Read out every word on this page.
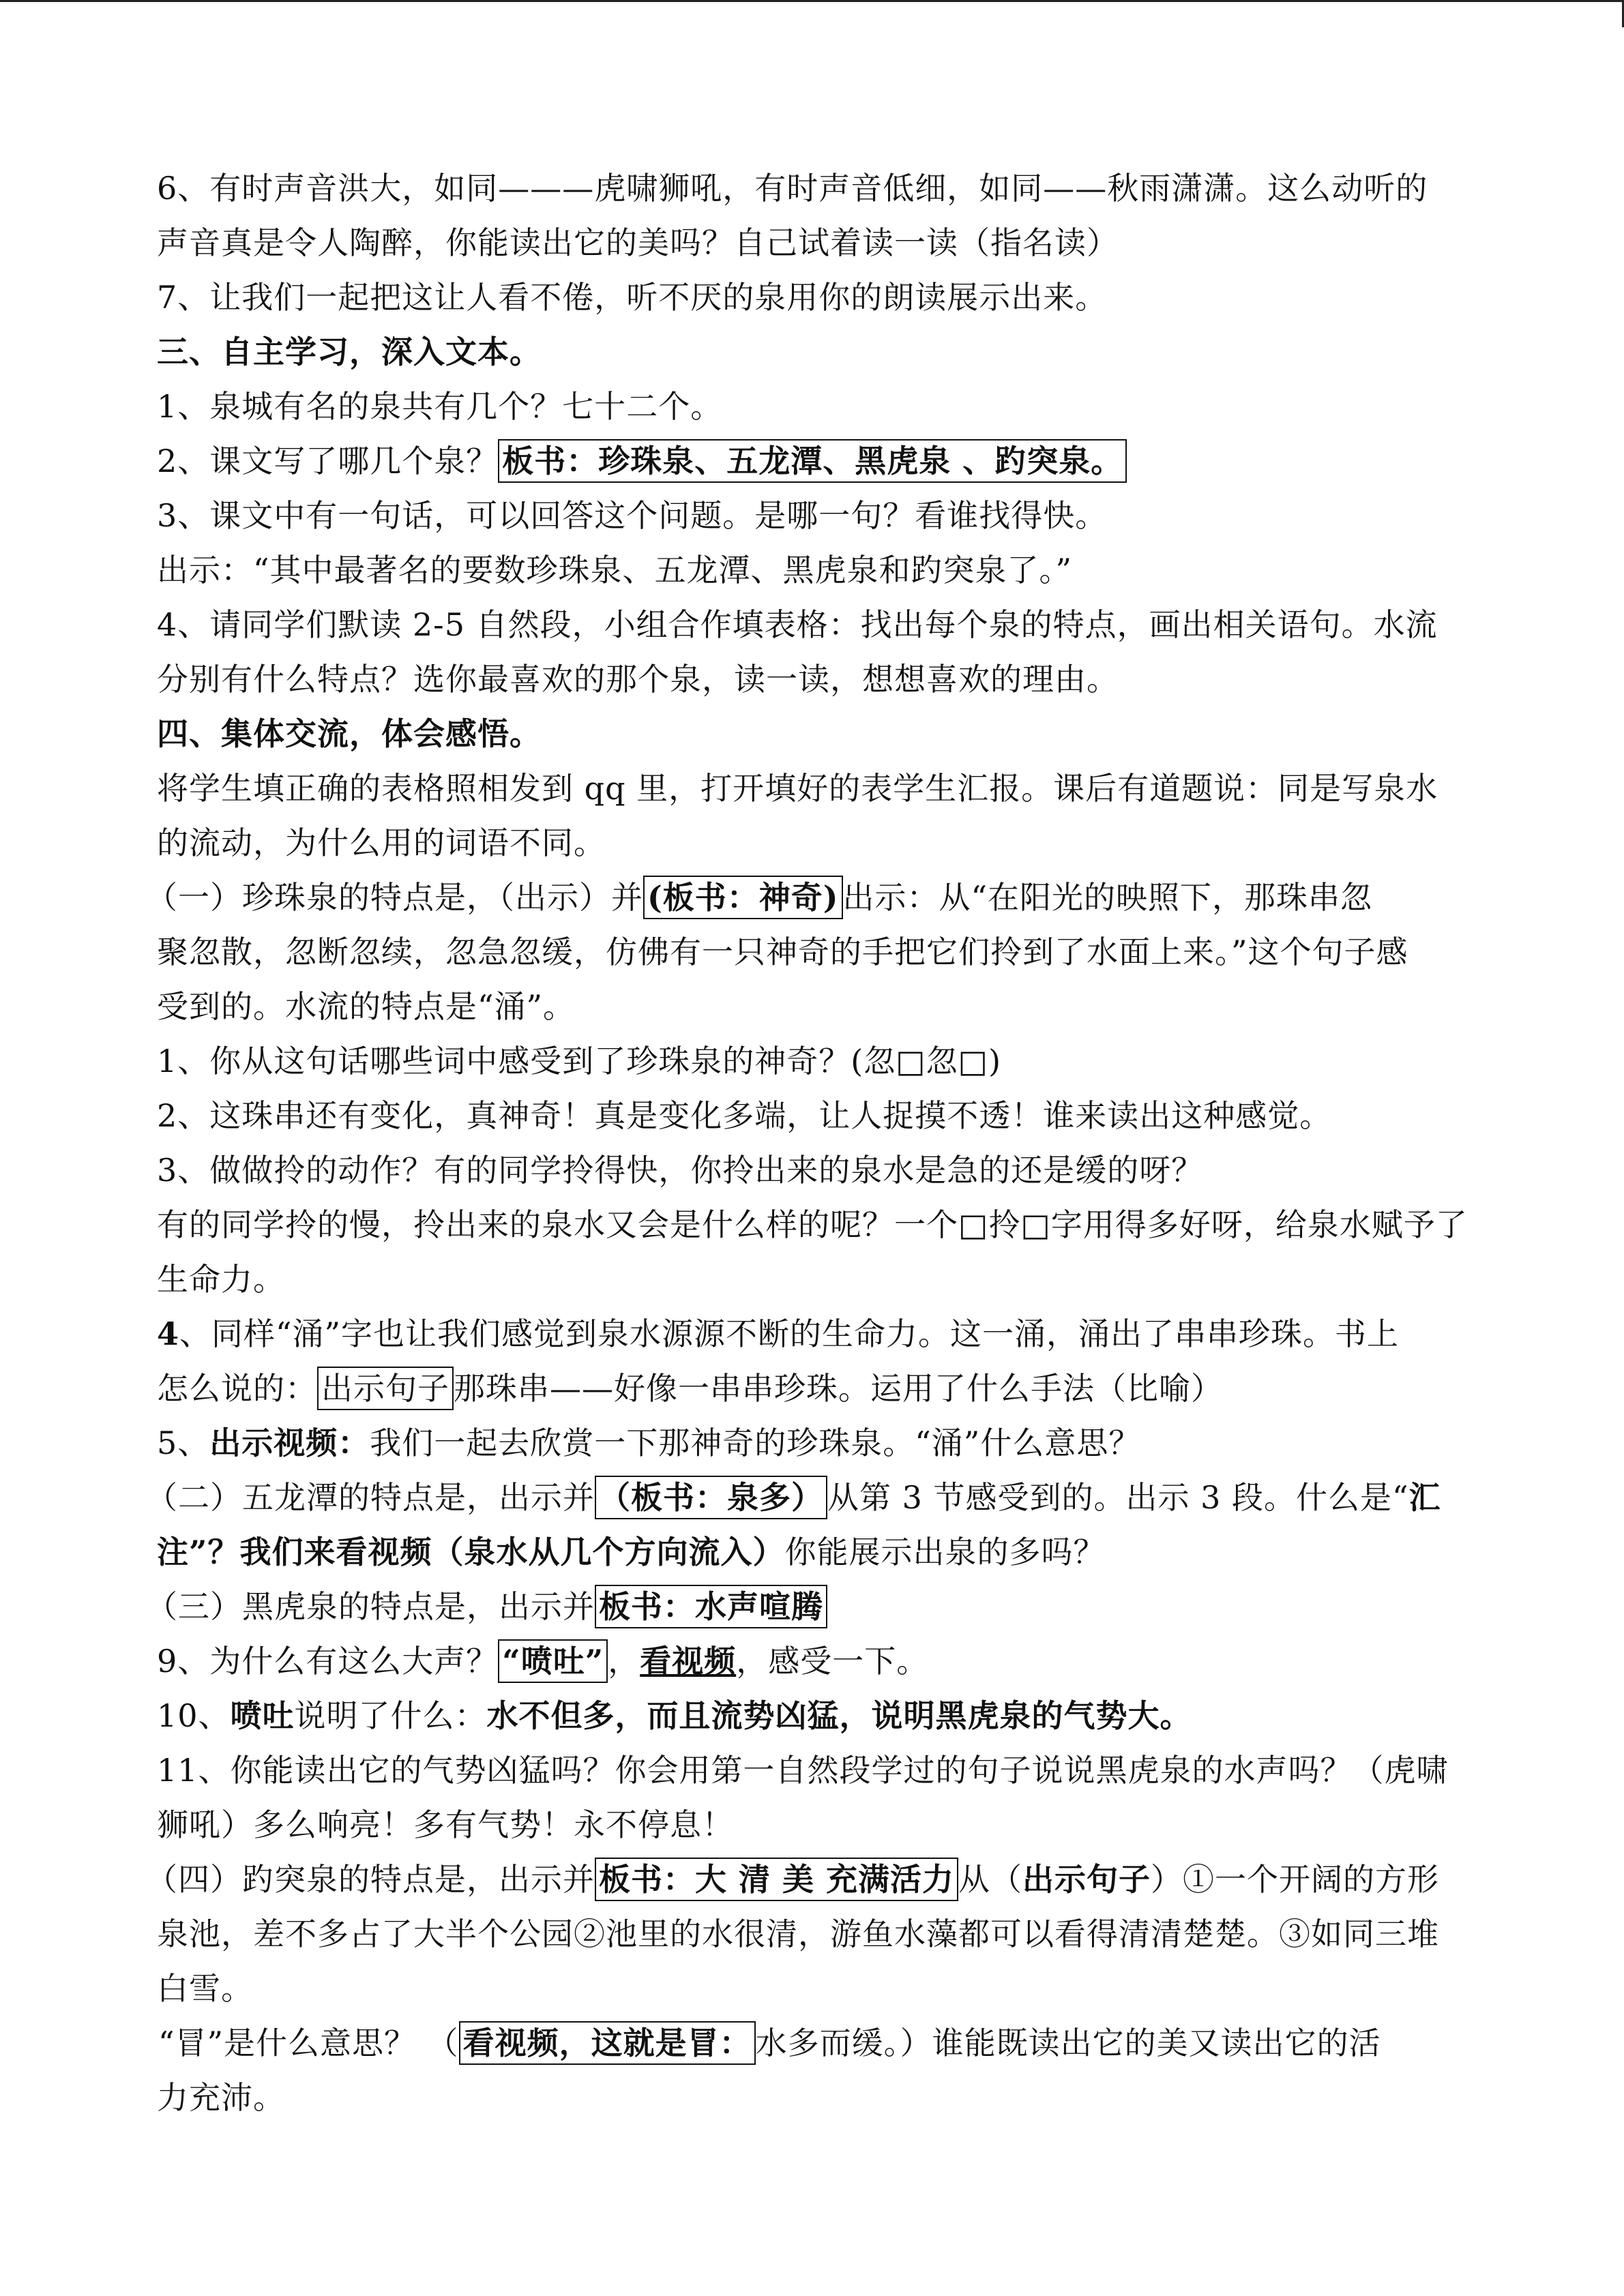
6、有时声音洪大，如同———虎啸狮吼，有时声音低细，如同——秋雨潇潇。这么动听的
声音真是令人陶醉，你能读出它的美吗？自己试着读一读（指名读）
7、让我们一起把这让人看不倦，听不厌的泉用你的朗读展示出来。
三、自主学习，深入文本。
1、泉城有名的泉共有几个？七十二个。
2、课文写了哪几个泉？ 板书：珍珠泉、五龙潭、黑虎泉 、趵突泉。
3、课文中有一句话，可以回答这个问题。是哪一句？看谁找得快。
出示：“其中最著名的要数珍珠泉、五龙潭、黑虎泉和趵突泉了。”
4、请同学们默读 2-5 自然段，小组合作填表格：找出每个泉的特点，画出相关语句。水流
分别有什么特点？选你最喜欢的那个泉，读一读，想想喜欢的理由。
四、集体交流，体会感悟。
将学生填正确的表格照相发到 qq 里，打开填好的表学生汇报。课后有道题说：同是写泉水
的流动，为什么用的词语不同。
（一）珍珠泉的特点是，（出示）并 (板书：神奇) 出示：从“在阳光的映照下，那珠串忽
聚忽散，忽断忽续，忽急忽缓，仿佛有一只神奇的手把它们拎到了水面上来。”这个句子感
受到的。水流的特点是“涌”。
1、你从这句话哪些词中感受到了珍珠泉的神奇？(忽□忽□)
2、这珠串还有变化，真神奇！真是变化多端，让人捉摸不透！谁来读出这种感觉。
3、做做拎的动作？有的同学拎得快，你拎出来的泉水是急的还是缓的呀？
有的同学拎的慢，拎出来的泉水又会是什么样的呢？一个□拎□字用得多好呀，给泉水赋予了
生命力。
4、同样“涌”字也让我们感觉到泉水源源不断的生命力。这一涌，涌出了串串珍珠。书上
怎么说的： 出示句子 那珠串——好像一串串珍珠。运用了什么手法（比喻）
5、出示视频：我们一起去欣赏一下那神奇的珍珠泉。“涌”什么意思？
（二）五龙潭的特点是，出示并 （板书：泉多） 从第 3 节感受到的。出示 3 段。什么是“汇
注”？我们来看视频（泉水从几个方向流入）你能展示出泉的多吗？
（三）黑虎泉的特点是，出示并 板书：水声喧腾
9、为什么有这么大声？ “喷吐” ，看视频，感受一下。
10、喷吐说明了什么：水不但多，而且流势凶猛，说明黑虎泉的气势大。
11、你能读出它的气势凶猛吗？你会用第一自然段学过的句子说说黑虎泉的水声吗？（虎啸
狮吼）多么响亮！多有气势！永不停息！
（四）趵突泉的特点是，出示并 板书：大 清 美 充满活力 从（出示句子）①一个开阔的方形
泉池，差不多占了大半个公园②池里的水很清，游鱼水藻都可以看得清清楚楚。③如同三堆
白雪。
“冒”是什么意思？ （ 看视频，这就是冒： 水多而缓。）谁能既读出它的美又读出它的活
力充沛。
